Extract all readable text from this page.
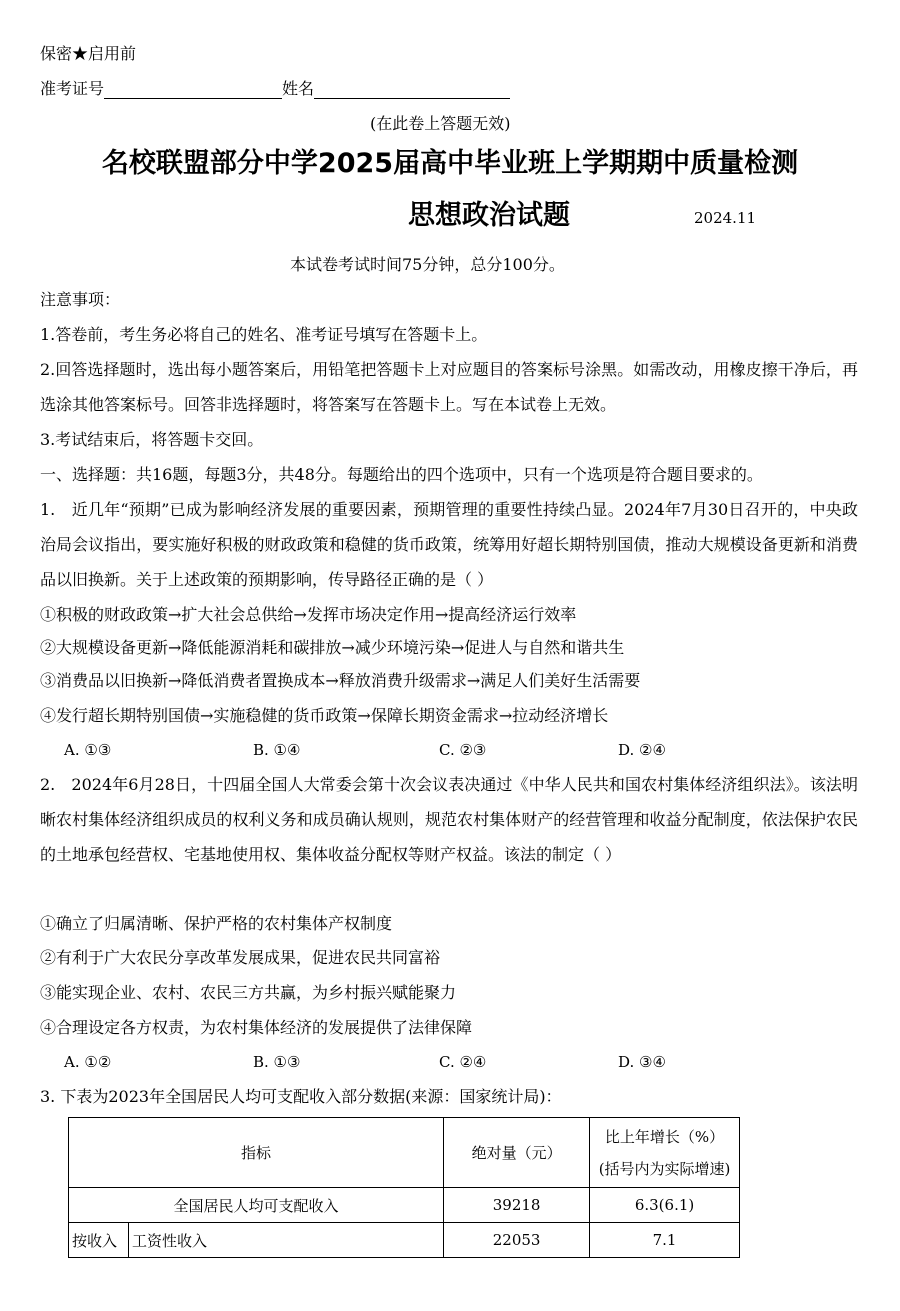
保密★启用前
准考证号	姓名
(在此卷上答题无效)
名校联盟部分中学2025届高中毕业班上学期期中质量检测
思想政治试题	2024.11
本试卷考试时间75分钟，总分100分。
注意事项：
1.答卷前，考生务必将自己的姓名、准考证号填写在答题卡上。
2.回答选择题时，选出每小题答案后，用铅笔把答题卡上对应题目的答案标号涂黑。如需改动，用橡皮擦干净后，再选涂其他答案标号。回答非选择题时，将答案写在答题卡上。写在本试卷上无效。
3.考试结束后，将答题卡交回。
一、选择题：共16题，每题3分，共48分。每题给出的四个选项中，只有一个选项是符合题目要求的。
1.　近几年“预期”已成为影响经济发展的重要因素，预期管理的重要性持续凸显。2024年7月30日召开的，中央政治局会议指出，要实施好积极的财政政策和稳健的货币政策，统筹用好超长期特别国债，推动大规模设备更新和消费品以旧换新。关于上述政策的预期影响，传导路径正确的是（ ）
①积极的财政政策→扩大社会总供给→发挥市场决定作用→提高经济运行效率
②大规模设备更新→降低能源消耗和碳排放→减少环境污染→促进人与自然和谐共生
③消费品以旧换新→降低消费者置换成本→释放消费升级需求→满足人们美好生活需要
④发行超长期特别国债→实施稳健的货币政策→保障长期资金需求→拉动经济增长
A. ①③	B. ①④	C. ②③	D. ②④
2.　2024年6月28日，十四届全国人大常委会第十次会议表决通过《中华人民共和国农村集体经济组织法》。该法明晰农村集体经济组织成员的权利义务和成员确认规则，规范农村集体财产的经营管理和收益分配制度，依法保护农民的土地承包经营权、宅基地使用权、集体收益分配权等财产权益。该法的制定（ ）
①确立了归属清晰、保护严格的农村集体产权制度
②有利于广大农民分享改革发展成果，促进农民共同富裕
③能实现企业、农村、农民三方共赢，为乡村振兴赋能聚力
④合理设定各方权责，为农村集体经济的发展提供了法律保障
A. ①②	B. ①③	C. ②④	D. ③④
3. 下表为2023年全国居民人均可支配收入部分数据(来源：国家统计局)：
指标		绝对量（元）	比上年增长（%）
(括号内为实际增速)

全国居民人均可支配收入		39218	6.3(6.1)
按收入	工资性收入	22053	7.1
